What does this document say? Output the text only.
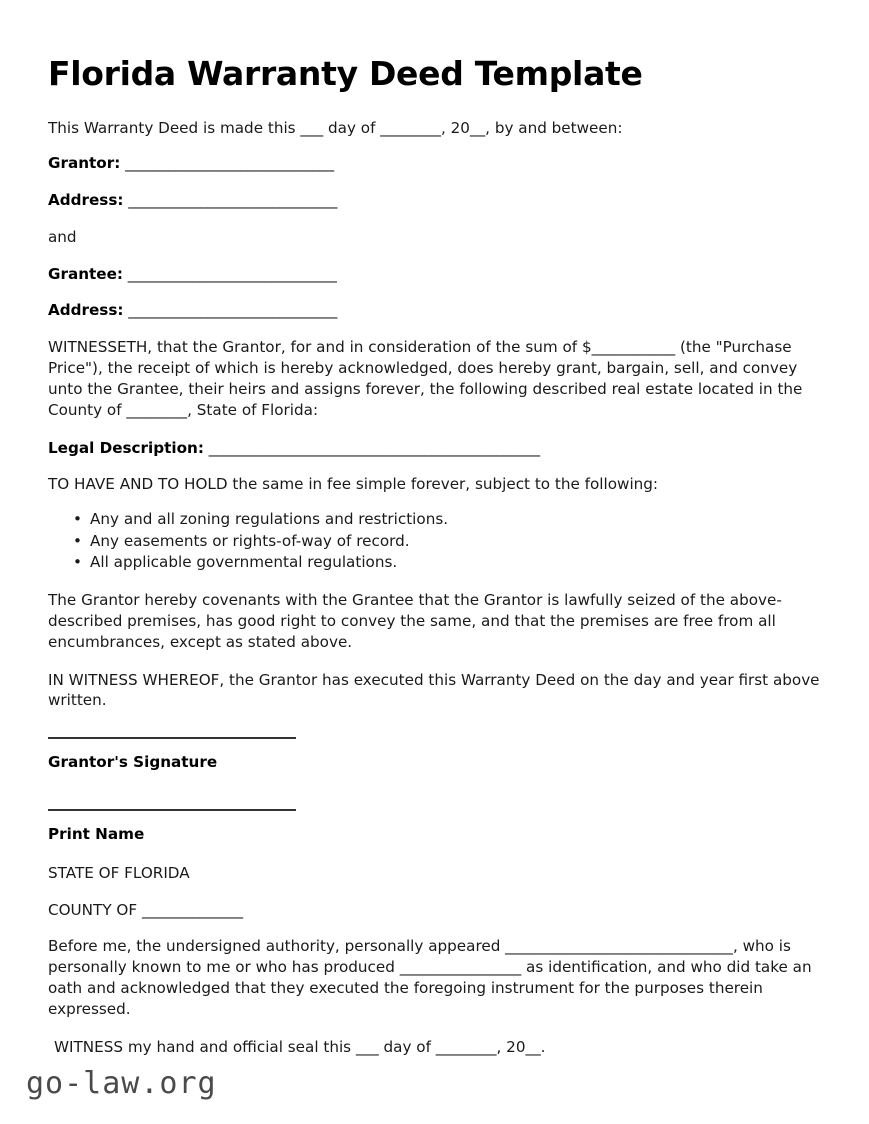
Florida Warranty Deed Template

This Warranty Deed is made this ___ day of ________, 20__, by and between:

Grantor: _____________________________
Address: _____________________________
and
Grantee: _____________________________
Address: _____________________________

WITNESSETH, that the Grantor, for and in consideration of the sum of $___________ (the "Purchase Price"), the receipt of which is hereby acknowledged, does hereby grant, bargain, sell, and convey unto the Grantee, their heirs and assigns forever, the following described real estate located in the County of ________, State of Florida:

Legal Description: ______________________________________________

TO HAVE AND TO HOLD the same in fee simple forever, subject to the following:

• Any and all zoning regulations and restrictions.
• Any easements or rights-of-way of record.
• All applicable governmental regulations.

The Grantor hereby covenants with the Grantee that the Grantor is lawfully seized of the above-described premises, has good right to convey the same, and that the premises are free from all encumbrances, except as stated above.

IN WITNESS WHEREOF, the Grantor has executed this Warranty Deed on the day and year first above written.

Grantor's Signature
Print Name
STATE OF FLORIDA
COUNTY OF ______________

Before me, the undersigned authority, personally appeared ______________________________, who is personally known to me or who has produced ________________ as identification, and who did take an oath and acknowledged that they executed the foregoing instrument for the purposes therein expressed.

WITNESS my hand and official seal this ___ day of ________, 20__.

go-law.org
